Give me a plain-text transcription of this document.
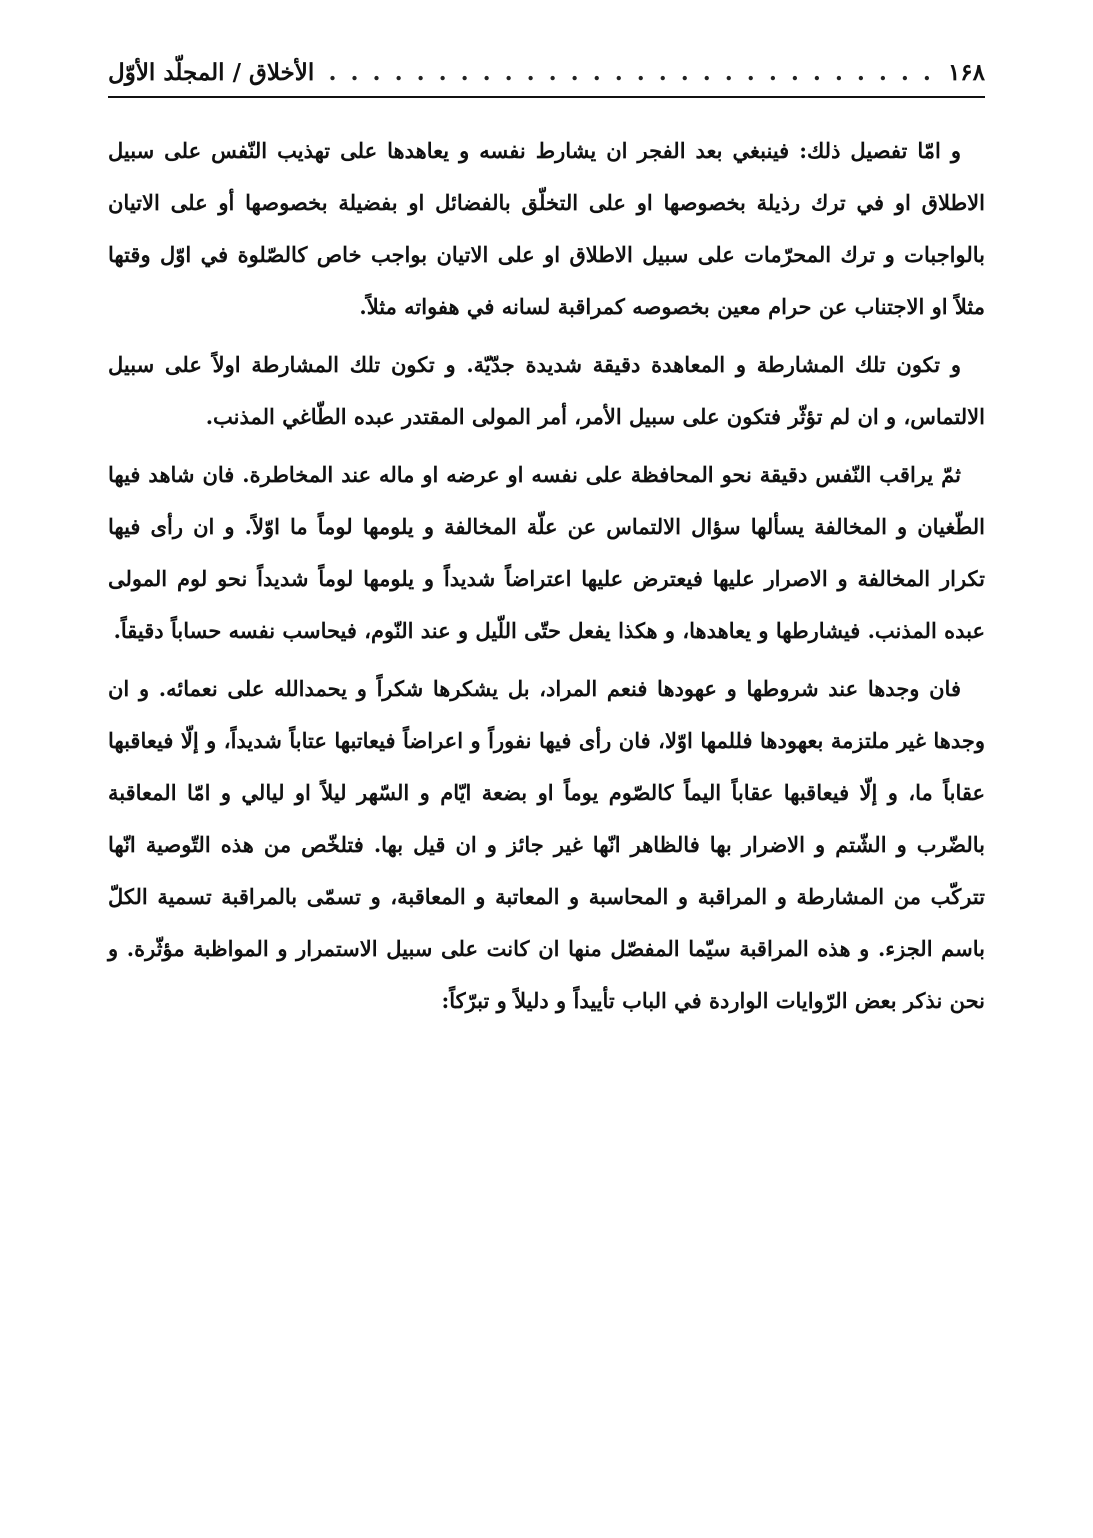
۱۶۸
. . .
الأخلاق / المجلّد الأوّل

و امّا تفصيل ذلك: فينبغي بعد الفجر ان يشارط نفسه و يعاهدها على تهذيب النّفس على سبيل الاطلاق او في ترك رذيلة بخصوصها او على التخلّق بالفضائل او بفضيلة بخصوصها أو على الاتيان بالواجبات و ترك المحرّمات على سبيل الاطلاق او على الاتيان بواجب خاص كالصّلوة في اوّل وقتها مثلاً او الاجتناب عن حرام معين بخصوصه كمراقبة لسانه في هفواته مثلاً.

و تكون تلك المشارطة و المعاهدة دقيقة شديدة جدّيّة. و تكون تلك المشارطة اولاً على سبيل الالتماس، و ان لم تؤثّر فتكون على سبيل الأمر، أمر المولى المقتدر عبده الطّاغي المذنب.

ثمّ يراقب النّفس دقيقة نحو المحافظة على نفسه او عرضه او ماله عند المخاطرة. فان شاهد فيها الطّغيان و المخالفة يسألها سؤال الالتماس عن علّة المخالفة و يلومها لوماً ما اوّلاً. و ان رأى فيها تكرار المخالفة و الاصرار عليها فيعترض عليها اعتراضاً شديداً و يلومها لوماً شديداً نحو لوم المولى عبده المذنب. فيشارطها و يعاهدها، و هكذا يفعل حتّى اللّيل و عند النّوم، فيحاسب نفسه حساباً دقيقاً.

فان وجدها عند شروطها و عهودها فنعم المراد، بل يشكرها شكراً و يحمدالله على نعمائه. و ان وجدها غير ملتزمة بعهودها فللمها اوّلا، فان رأى فيها نفوراً و اعراضاً فيعاتبها عتاباً شديداً، و إلّا فيعاقبها عقاباً ما، و إلّا فيعاقبها عقاباً اليماً كالصّوم يوماً او بضعة ايّام و السّهر ليلاً او ليالي و امّا المعاقبة بالضّرب و الشّتم و الاضرار بها فالظاهر انّها غير جائز و ان قيل بها. فتلخّص من هذه التّوصية انّها تتركّب من المشارطة و المراقبة و المحاسبة و المعاتبة و المعاقبة، و تسمّى بالمراقبة تسمية الكلّ باسم الجزء. و هذه المراقبة سيّما المفصّل منها ان كانت على سبيل الاستمرار و المواظبة مؤثّرة. و نحن نذكر بعض الرّوايات الواردة في الباب تأييداً و دليلاً و تبرّكاً:
